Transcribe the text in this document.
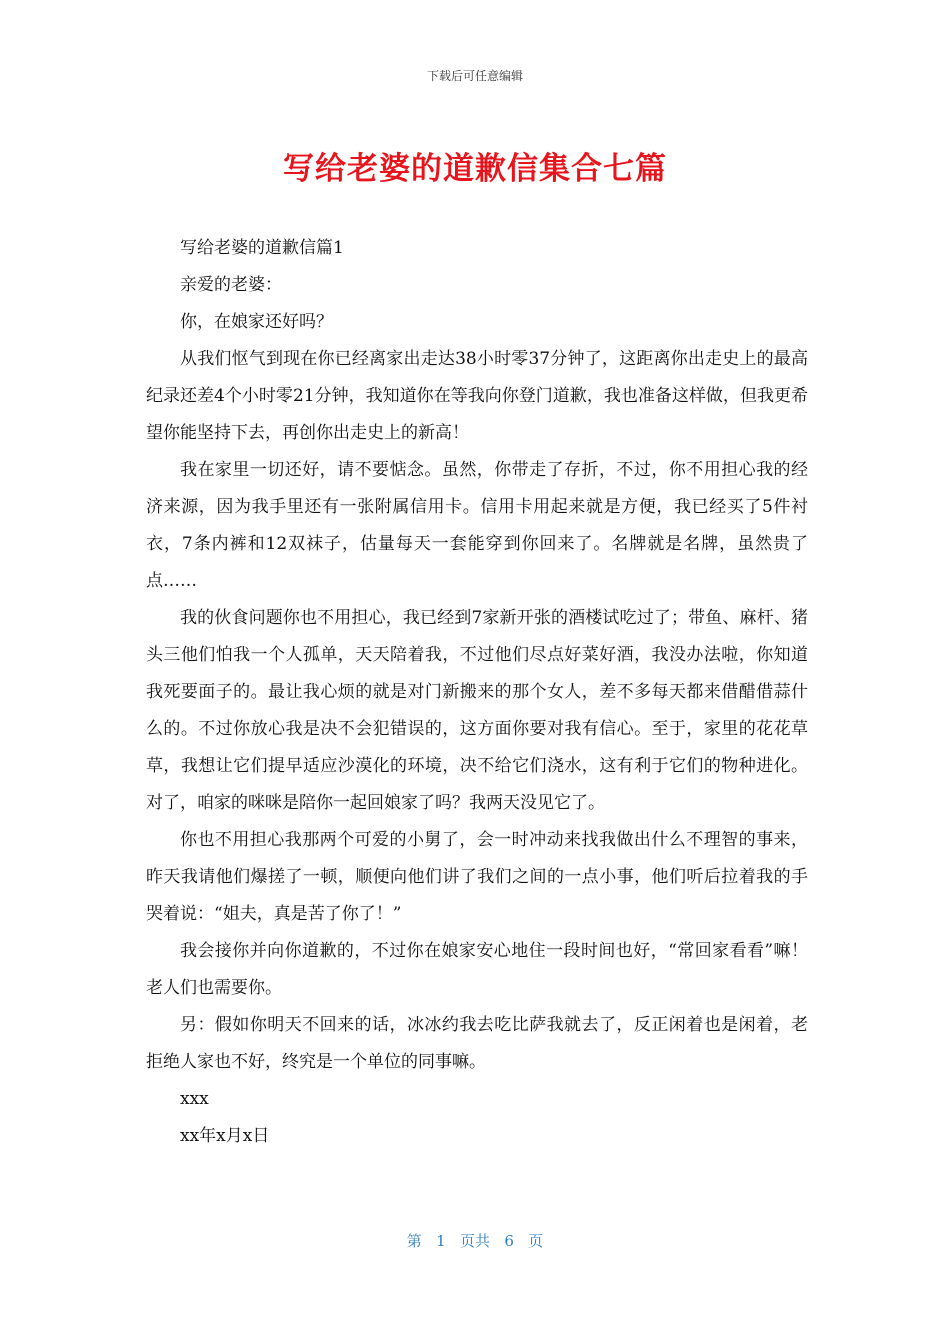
下载后可任意编辑
写给老婆的道歉信集合七篇

写给老婆的道歉信篇1

亲爱的老婆：

你，在娘家还好吗？

从我们怄气到现在你已经离家出走达38小时零37分钟了，这距离你出走史上的最高纪录还差4个小时零21分钟，我知道你在等我向你登门道歉，我也准备这样做，但我更希望你能坚持下去，再创你出走史上的新高！

我在家里一切还好，请不要惦念。虽然，你带走了存折，不过，你不用担心我的经济来源，因为我手里还有一张附属信用卡。信用卡用起来就是方便，我已经买了5件衬衣，7条内裤和12双袜子，估量每天一套能穿到你回来了。名牌就是名牌，虽然贵了点……

我的伙食问题你也不用担心，我已经到7家新开张的酒楼试吃过了；带鱼、麻杆、猪头三他们怕我一个人孤单，天天陪着我，不过他们尽点好菜好酒，我没办法啦，你知道我死要面子的。最让我心烦的就是对门新搬来的那个女人，差不多每天都来借醋借蒜什么的。不过你放心我是决不会犯错误的，这方面你要对我有信心。至于，家里的花花草草，我想让它们提早适应沙漠化的环境，决不给它们浇水，这有利于它们的物种进化。对了，咱家的咪咪是陪你一起回娘家了吗？我两天没见它了。

你也不用担心我那两个可爱的小舅了，会一时冲动来找我做出什么不理智的事来，昨天我请他们爆搓了一顿，顺便向他们讲了我们之间的一点小事，他们听后拉着我的手哭着说：“姐夫，真是苦了你了！”

我会接你并向你道歉的，不过你在娘家安心地住一段时间也好，“常回家看看”嘛！老人们也需要你。

另：假如你明天不回来的话，冰冰约我去吃比萨我就去了，反正闲着也是闲着，老拒绝人家也不好，终究是一个单位的同事嘛。

xxx

xx年x月x日

第 1 页共 6 页
